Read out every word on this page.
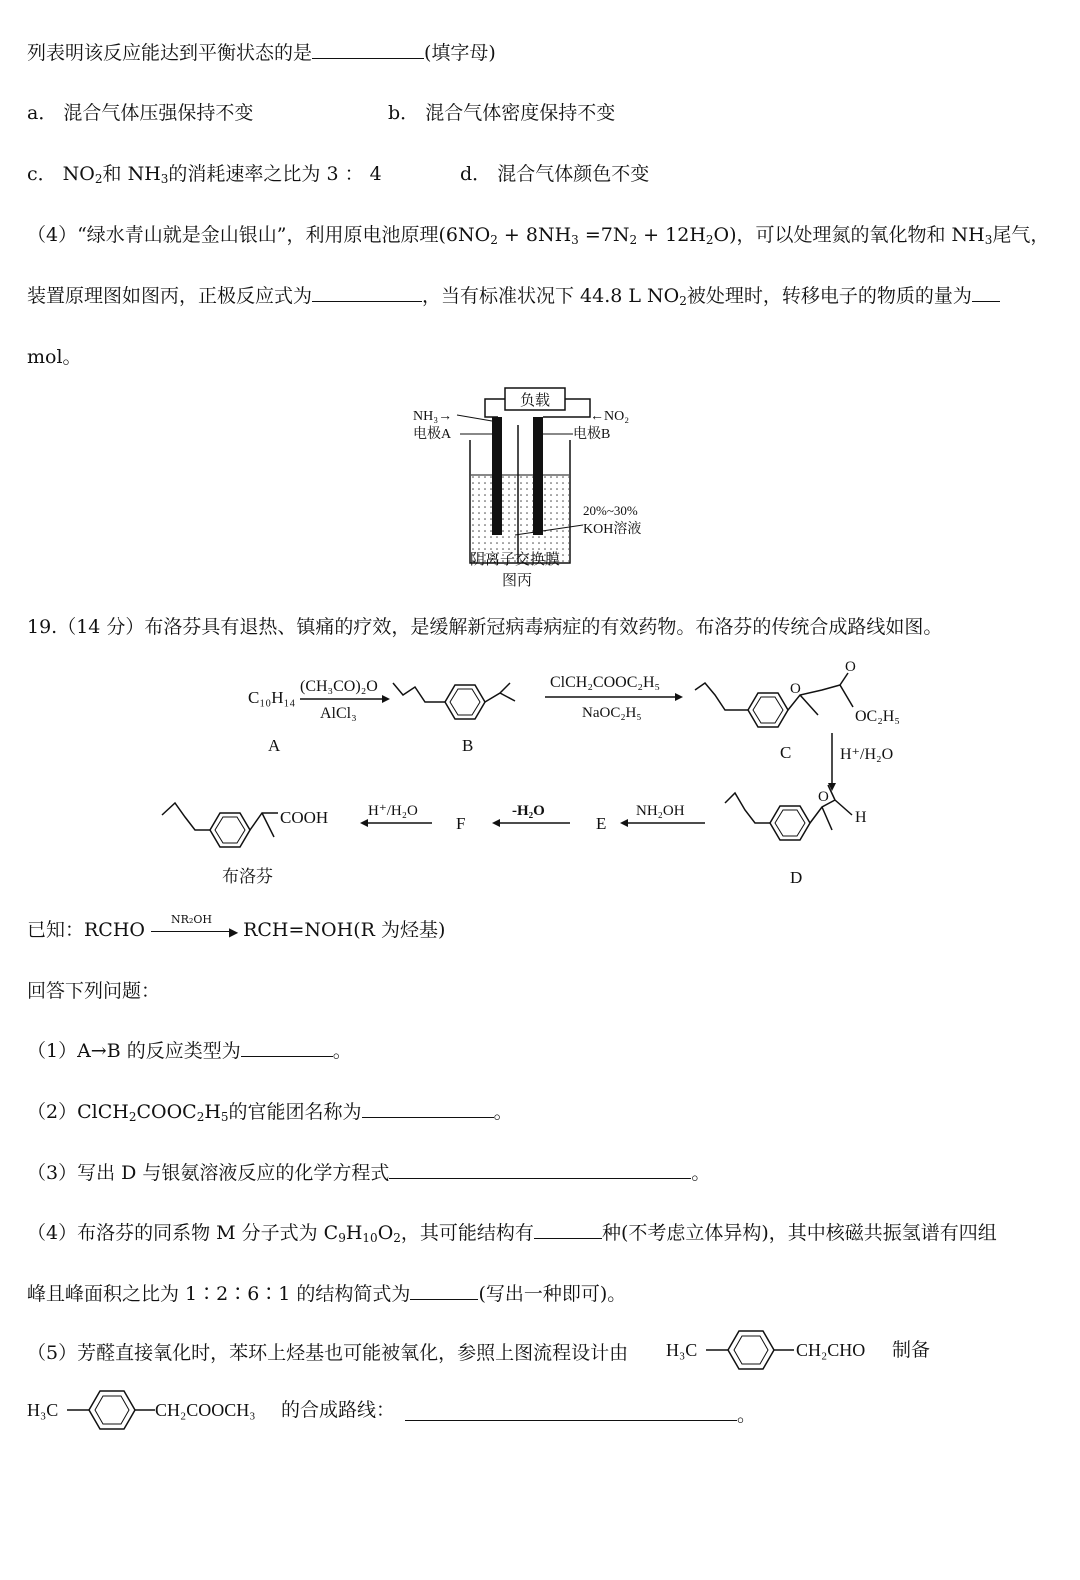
列表明该反应能达到平衡状态的是	(填字母)
a． 混合气体压强保持不变	b． 混合气体密度保持不变
c． $NO_2$和 $NH_3$的消耗速率之比为 3 ： 4	d． 混合气体颜色不变
（4）“绿水青山就是金山银山”，利用原电池原理$(6NO_2 + 8NH_3 =7N_2 + 12H_2O)$，可以处理氮的氧化物和 $NH_3$尾气，
装置原理图如图丙，正极反应式为	，当有标准状况下 44.8 L $NO_2$被处理时，转移电子的物质的量为
mol。
负载
NH₃→
电极A
←NO₂
电极B
20%~30%
KOH溶液
图丙
阴离子交换膜
19.（14 分）布洛芬具有退热、镇痛的疗效，是缓解新冠病毒病症的有效药物。布洛芬的传统合成路线如图。
C₁₀H₁₄
A
(CH₃CO)₂O
AlCl₃
B
ClCH₂COOC₂H₅
NaOC₂H₅
O
O
OC₂H₅
C	H⁺/H₂O
O
H
D
NH₂OH
E
-H₂O
F
H⁺/H₂O
COOH
布洛芬
已知：RCHO NR₂OH
▶ RCH=NOH(R 为烃基)
回答下列问题：
（1）A→B 的反应类型为	。
$(2)ClCH_2COOC_2H_5$的官能团名称为	。
（3）写出 D 与银氨溶液反应的化学方程式	。
（4）布洛芬的同系物 M 分子式为 $C_9H_{10}O_2$，其可能结构有	种(不考虑立体异构)，其中核磁共振氢谱有四组
峰且峰面积之比为 1∶2∶6∶1 的结构简式为	(写出一种即可)。
（5）芳醛直接氧化时，苯环上烃基也可能被氧化，参照上图流程设计由 H₃C	CH₂CHO 制备
H₃C	CH₂COOCH₃ 的合成路线：	。
